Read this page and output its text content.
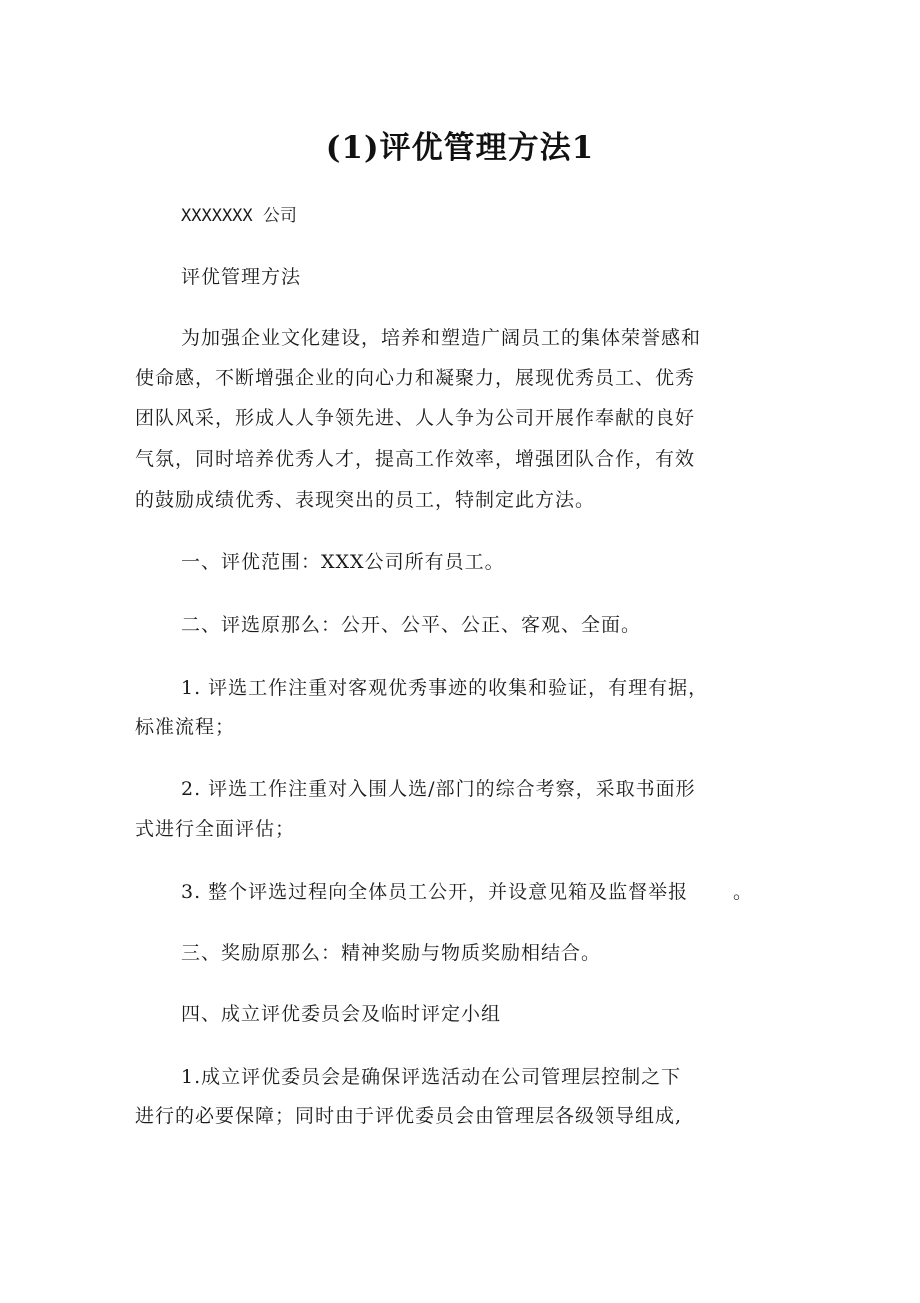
(1)评优管理方法1
XXXXXXX 公司
评优管理方法
为加强企业文化建设，培养和塑造广阔员工的集体荣誉感和
使命感，不断增强企业的向心力和凝聚力，展现优秀员工、优秀
团队风采，形成人人争领先进、人人争为公司开展作奉献的良好
气氛，同时培养优秀人才，提高工作效率，增强团队合作，有效
的鼓励成绩优秀、表现突出的员工，特制定此方法。
一、评优范围：XXX公司所有员工。
二、评选原那么：公开、公平、公正、客观、全面。
1. 评选工作注重对客观优秀事迹的收集和验证，有理有据，
标准流程；
2. 评选工作注重对入围人选/部门的综合考察，采取书面形
式进行全面评估；
3. 整个评选过程向全体员工公开，并设意见箱及监督举报 。
三、奖励原那么：精神奖励与物质奖励相结合。
四、成立评优委员会及临时评定小组
1.成立评优委员会是确保评选活动在公司管理层控制之下
进行的必要保障；同时由于评优委员会由管理层各级领导组成,
